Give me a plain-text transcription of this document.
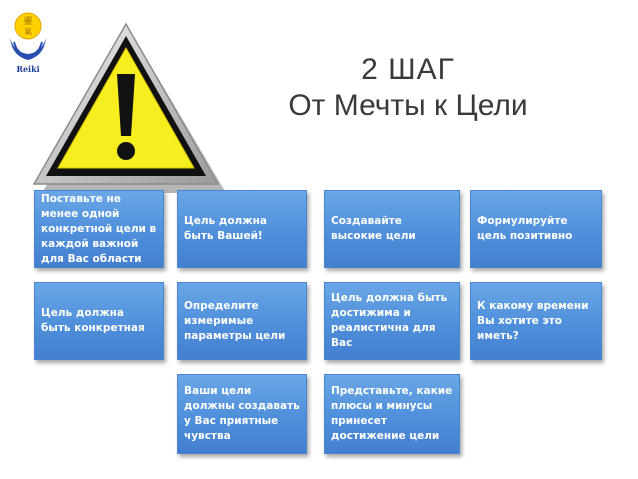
靈
氣
Reiki	2 ШАГ
От Мечты к Цели
Поставьте не менее одной конкретной цели в каждой важной для Вас области
Цель должна быть Вашей!
Создавайте высокие цели
Формулируйте цель позитивно
Цель должна быть конкретная
Определите измеримые параметры цели
Цель должна быть достижима и реалистична для Вас
К какому времени Вы хотите это иметь?
Ваши цели должны создавать у Вас приятные чувства
Представьте, какие плюсы и минусы принесет достижение цели
